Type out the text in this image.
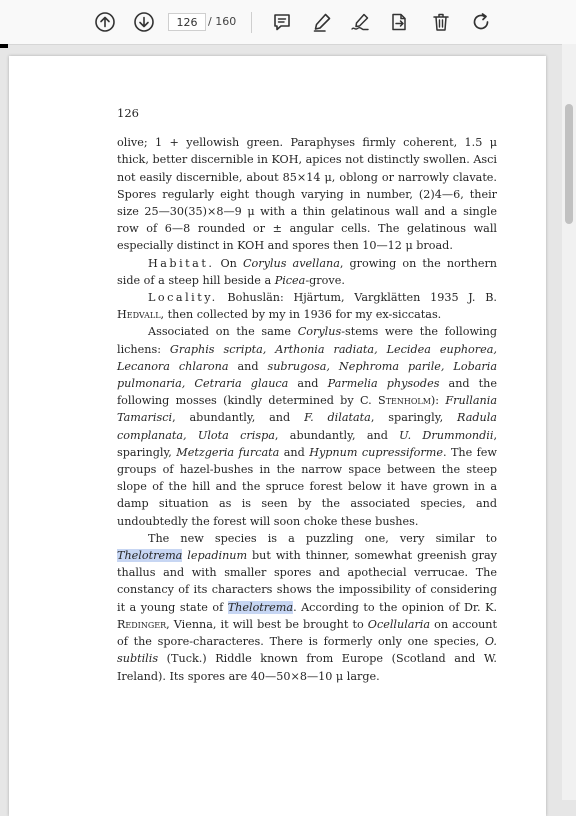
126
/ 160
126

olive; 1 + yellowish green. Paraphyses firmly coherent, 1.5 μ thick, better discernible in KOH, apices not distinctly swollen. Asci not easily discernible, about 85×14 μ, oblong or narrowly clavate. Spores regularly eight though varying in number, (2)4—6, their size 25—30(35)×8—9 μ with a thin gelatinous wall and a single row of 6—8 rounded or ± angular cells. The gelatinous wall especially distinct in KOH and spores then 10—12 μ broad.

Habitat. On Corylus avellana, growing on the northern side of a steep hill beside a Picea-grove.

Locality. Bohuslän: Hjärtum, Vargklätten 1935 J. B. Hedvall, then collected by my in 1936 for my ex-siccatas.

Associated on the same Corylus-stems were the following lichens: Graphis scripta, Arthonia radiata, Lecidea euphorea, Lecanora chlarona and subrugosa, Nephroma parile, Lobaria pulmonaria, Cetraria glauca and Parmelia physodes and the following mosses (kindly determined by C. Stenholm): Frullania Tamarisci, abundantly, and F. dilatata, sparingly, Radula complanata, Ulota crispa, abundantly, and U. Drummondii, sparingly, Metzgeria furcata and Hypnum cupressiforme. The few groups of hazel-bushes in the narrow space between the steep slope of the hill and the spruce forest below it have grown in a damp situation as is seen by the associated species, and undoubtedly the forest will soon choke these bushes.

The new species is a puzzling one, very similar to Thelotrema lepadinum but with thinner, somewhat greenish gray thallus and with smaller spores and apothecial verrucae. The constancy of its characters shows the impossibility of considering it a young state of Thelotrema. According to the opinion of Dr. K. Redinger, Vienna, it will best be brought to Ocellularia on account of the spore-characteres. There is formerly only one species, O. subtilis (Tuck.) Riddle known from Europe (Scotland and W. Ireland). Its spores are 40—50×8—10 μ large.
